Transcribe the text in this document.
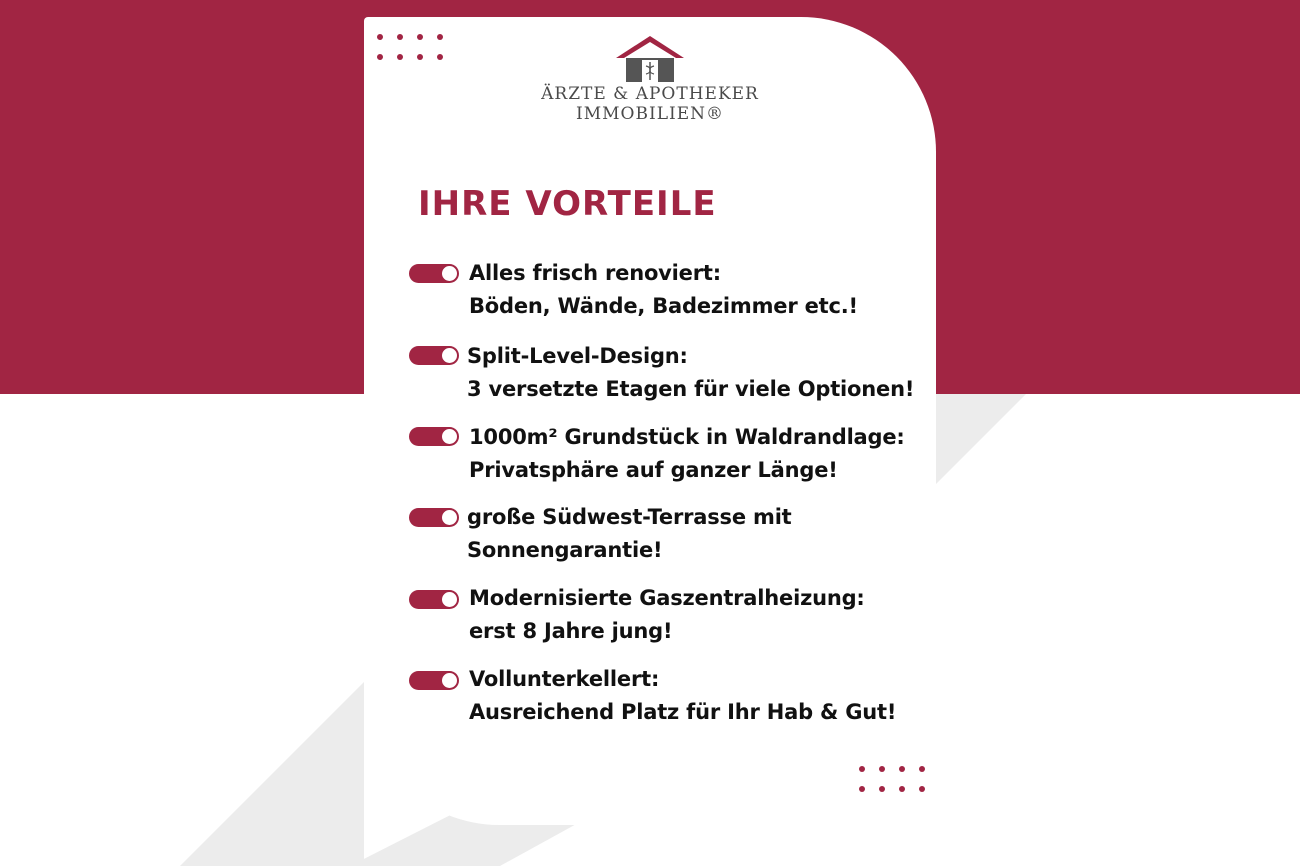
ÄRZTE & APOTHEKER
IMMOBILIEN®
IHRE VORTEILE
Alles frisch renoviert:
Böden, Wände, Badezimmer etc.!
Split-Level-Design:
3 versetzte Etagen für viele Optionen!
1000m² Grundstück in Waldrandlage:
Privatsphäre auf ganzer Länge!
große Südwest-Terrasse mit
Sonnengarantie!
Modernisierte Gaszentralheizung:
erst 8 Jahre jung!
Vollunterkellert:
Ausreichend Platz für Ihr Hab & Gut!
